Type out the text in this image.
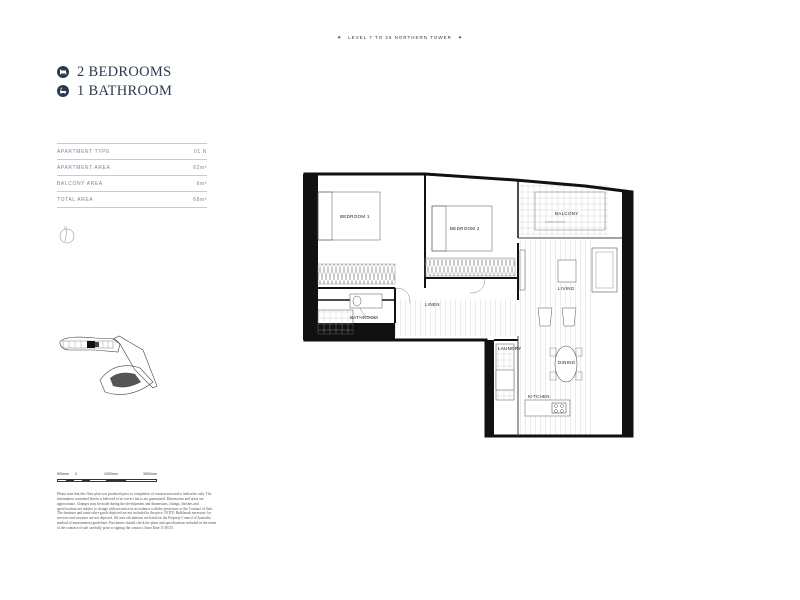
✦ LEVEL 7 TO 26 NORTHERN TOWER ✦
2 BEDROOMS
1 BATHROOM
APARTMENT TYPE	01 N
APARTMENT AREA	62m²
BALCONY AREA	6m²
TOTAL AREA	68m²
N
500mm 0	1000mm	3000mm
Please note that this floor plan was produced prior to completion of construction and is indicative only. The information contained herein is believed to be correct but is not guaranteed. Dimensions and areas are approximate. Changes may be made during the development and dimensions, fittings, finishes and specifications are subject to change without notice in accordance with the provisions of the Contract of Sale. The furniture and some other goods depicted are not included in the price. NOTE: Bulkheads necessary for services and structure are not depicted. All area calculations are based on the Property Council of Australia method of measurement guidelines. Purchasers should check the plans and specifications included in the terms of the contract of sale carefully prior to signing the contract. Issue Date 11/03/15.
BEDROOM 1
BEDROOM 2
BALCONY
LIVING
LINEN
BATHROOM
LAUNDRY
DINING
KITCHEN
